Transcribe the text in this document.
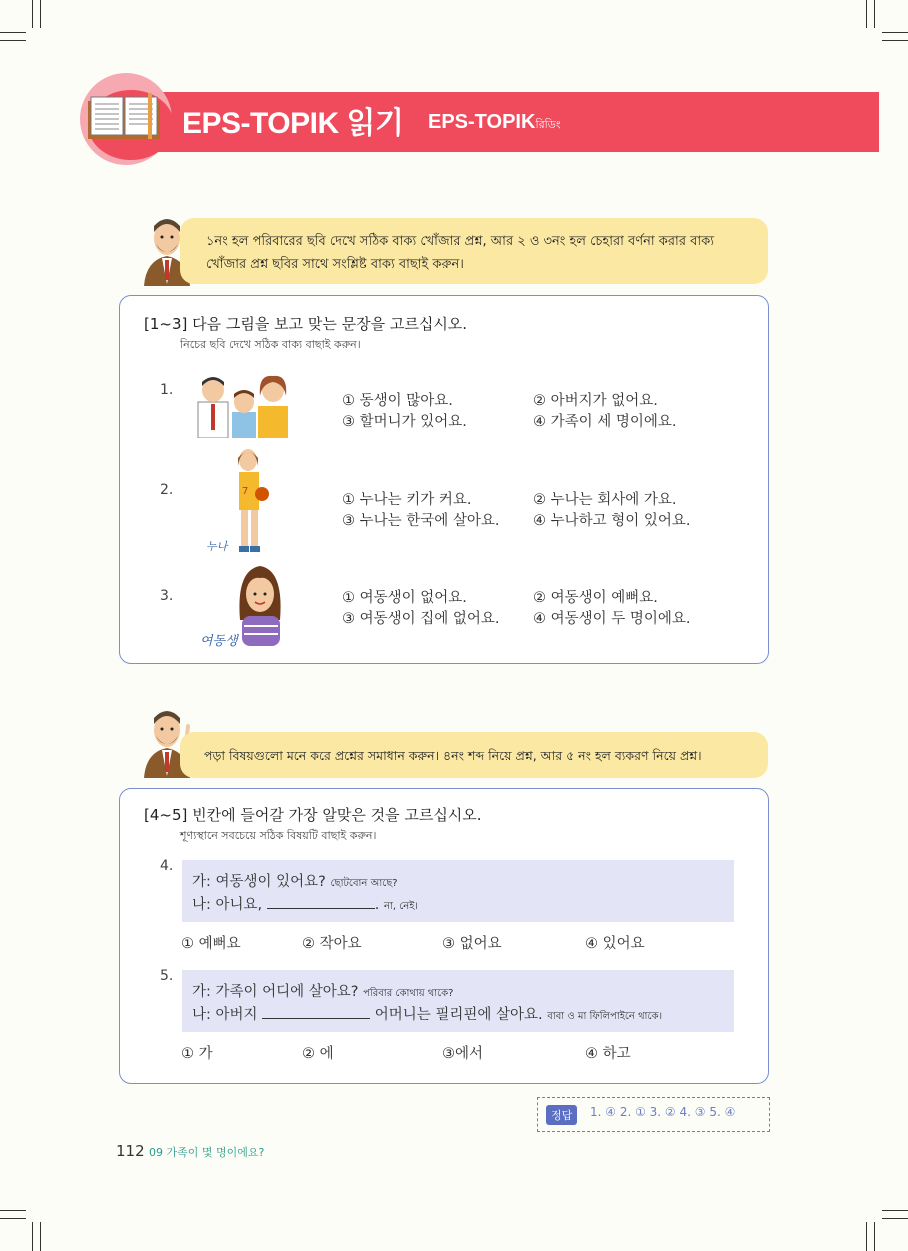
EPS-TOPIK 읽기 EPS-TOPIKরিডিং
১নং হল পরিবারের ছবি দেখে সঠিক বাক্য খোঁজার প্রশ্ন, আর ২ ও ৩নং হল চেহারা বর্ণনা করার বাক্য
খোঁজার প্রশ্ন ছবির সাথে সংশ্লিষ্ট বাক্য বাছাই করুন।
[1~3] 다음 그림을 보고 맞는 문장을 고르십시오.
নিচের ছবি দেখে সঠিক বাক্য বাছাই করুন।
1.
① 동생이 많아요.	② 아버지가 없어요.
③ 할머니가 있어요.	④ 가족이 세 명이에요.
2.	7
누나
① 누나는 키가 커요.	② 누나는 회사에 가요.
③ 누나는 한국에 살아요. ④ 누나하고 형이 있어요.
3.
여동생
① 여동생이 없어요.	② 여동생이 예뻐요.
③ 여동생이 집에 없어요. ④ 여동생이 두 명이에요.
পড়া বিষয়গুলো মনে করে প্রশ্নের সমাধান করুন। ৪নং শব্দ নিয়ে প্রশ্ন, আর ৫ নং হল ব্যকরণ নিয়ে প্রশ্ন।
[4~5] 빈칸에 들어갈 가장 알맞은 것을 고르십시오.
শূণ্যস্থানে সবচেয়ে সঠিক বিষয়টি বাছাই করুন।
4.
가: 여동생이 있어요? ছোটবোন আছে?
나: 아니요,	. না, নেই।
① 예뻐요	② 작아요	③ 없어요	④ 있어요
5.
가: 가족이 어디에 살아요? পরিবার কোথায় থাকে?
나: 아버지	어머니는 필리핀에 살아요. বাবা ও মা ফিলিপাইনে থাকে।
① 가	② 에	③에서	④ 하고
정답	1. ④ 2. ① 3. ② 4. ③ 5. ④
112 09 가족이 몇 명이에요?
